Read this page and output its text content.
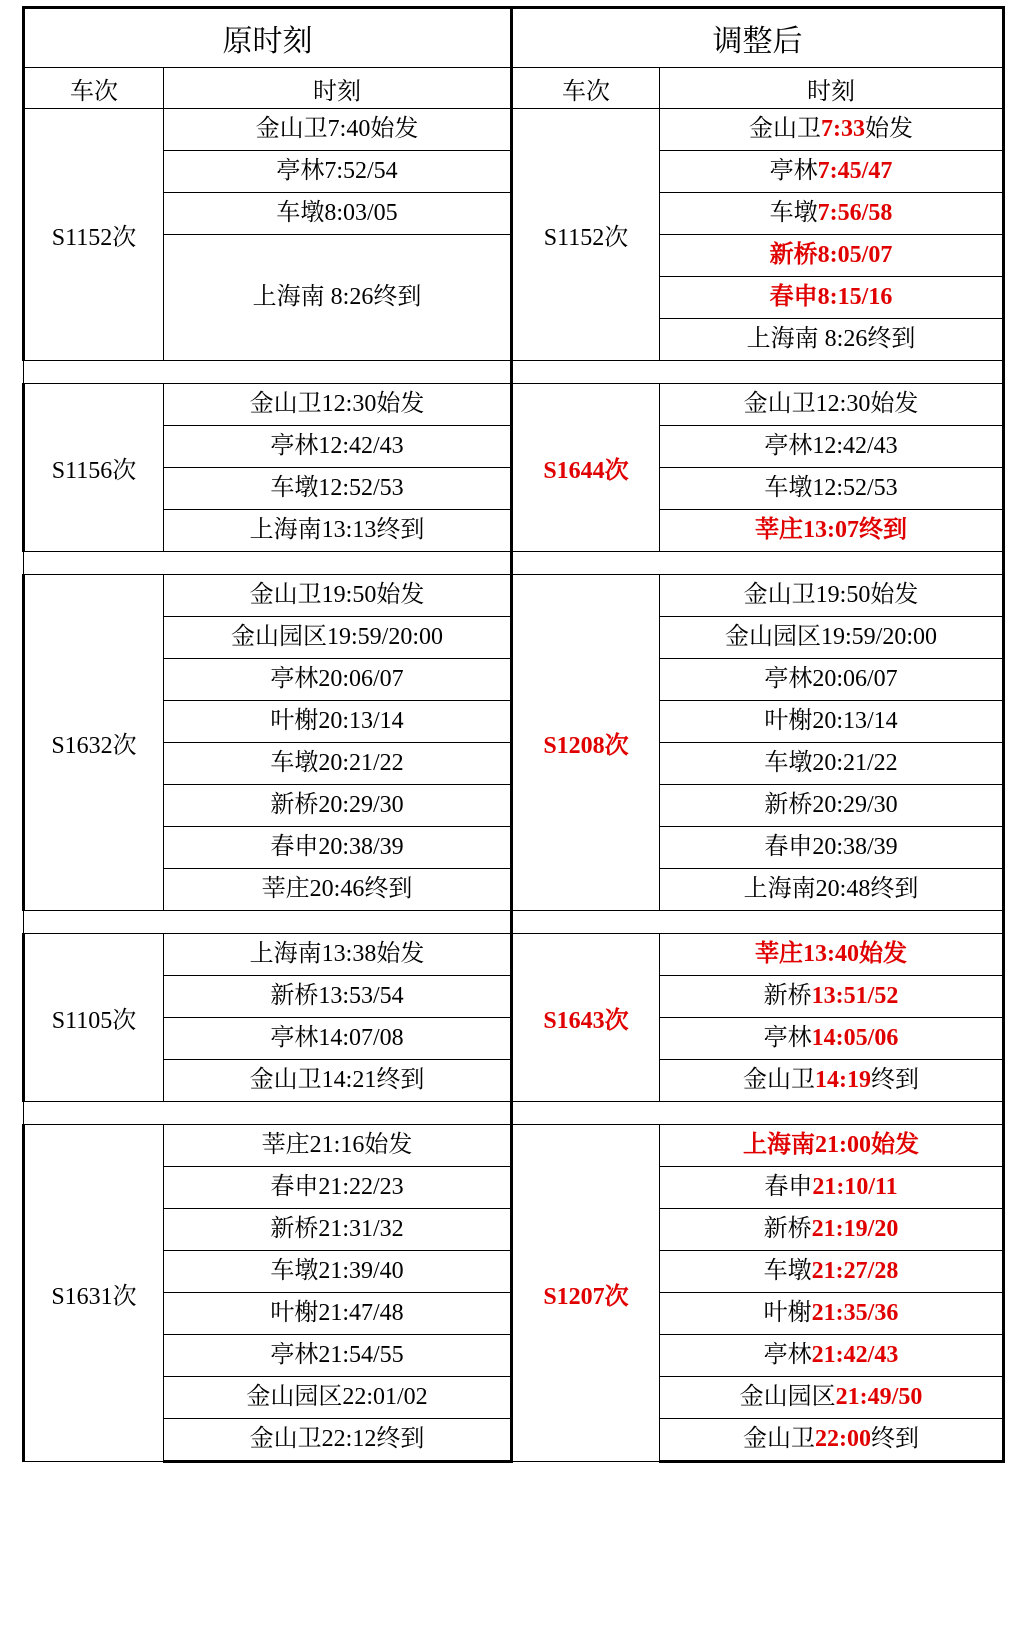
原时刻		调整后	
车次	时刻	车次	时刻
S1152次	金山卫7:40始发	S1152次	金山卫7:33始发
	亭林7:52/54		亭林7:45/47
	车墩8:03/05		车墩7:56/58
	上海南 8:26终到		新桥8:05/07
			春申8:15/16
			上海南 8:26终到

S1156次	金山卫12:30始发	S1644次	金山卫12:30始发
	亭林12:42/43		亭林12:42/43
	车墩12:52/53		车墩12:52/53
	上海南13:13终到		莘庄13:07终到

S1632次	金山卫19:50始发	S1208次	金山卫19:50始发
	金山园区19:59/20:00		金山园区19:59/20:00
	亭林20:06/07		亭林20:06/07
	叶榭20:13/14		叶榭20:13/14
	车墩20:21/22		车墩20:21/22
	新桥20:29/30		新桥20:29/30
	春申20:38/39		春申20:38/39
	莘庄20:46终到		上海南20:48终到

S1105次	上海南13:38始发	S1643次	莘庄13:40始发
	新桥13:53/54		新桥13:51/52
	亭林14:07/08		亭林14:05/06
	金山卫14:21终到		金山卫14:19终到

S1631次	莘庄21:16始发	S1207次	上海南21:00始发
	春申21:22/23		春申21:10/11
	新桥21:31/32		新桥21:19/20
	车墩21:39/40		车墩21:27/28
	叶榭21:47/48		叶榭21:35/36
	亭林21:54/55		亭林21:42/43
	金山园区22:01/02		金山园区21:49/50
	金山卫22:12终到		金山卫22:00终到
